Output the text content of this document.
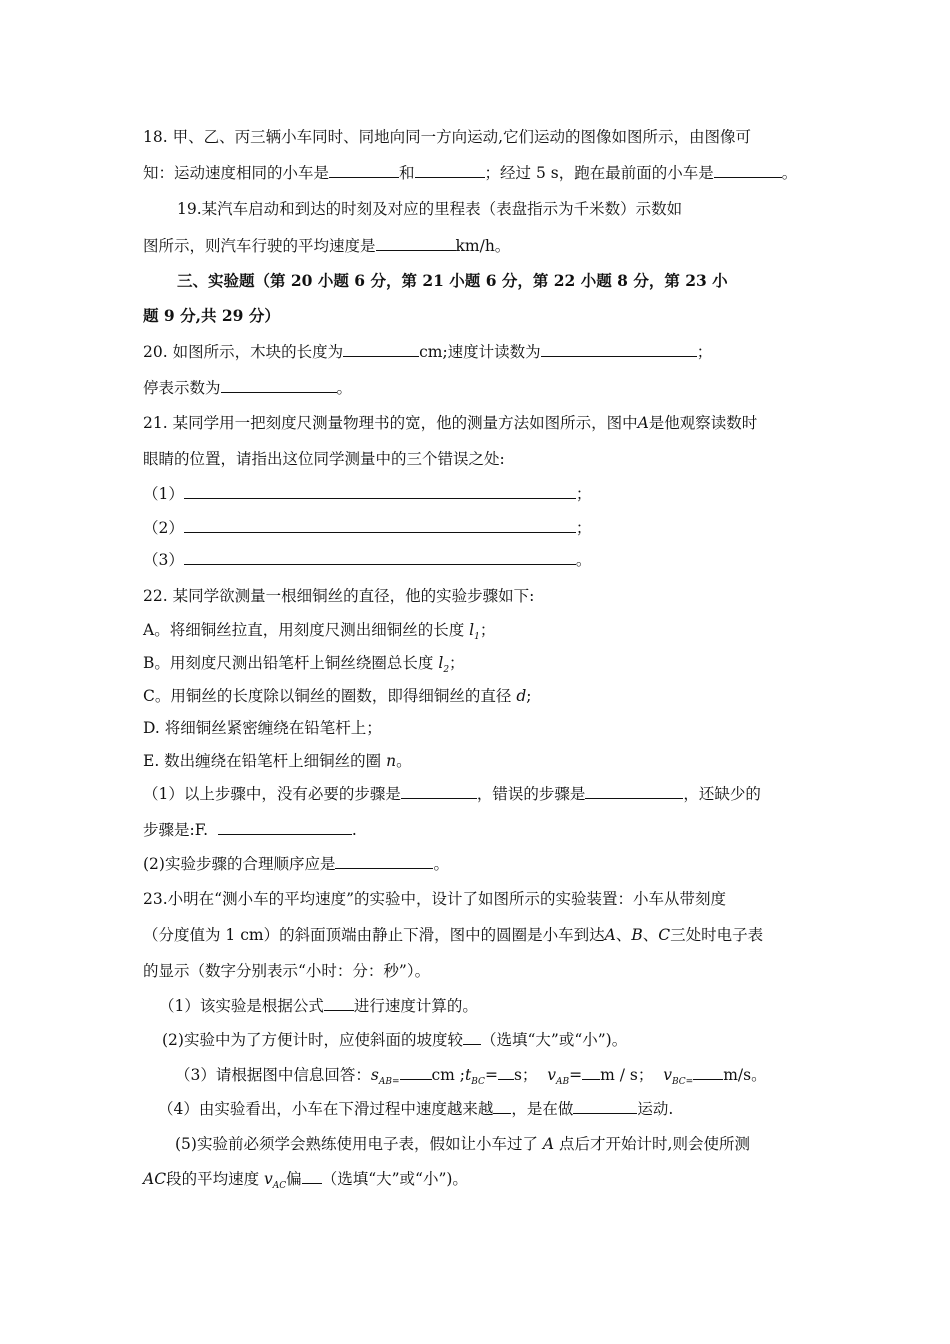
18. 甲、乙、丙三辆小车同时、同地向同一方向运动,它们运动的图像如图所示，由图像可
知：运动速度相同的小车是	和	；经过 5 s，跑在最前面的小车是	。
19.某汽车启动和到达的时刻及对应的里程表（表盘指示为千米数）示数如
图所示，则汽车行驶的平均速度是	km/h。
三、实验题（第 20 小题 6 分，第 21 小题 6 分，第 22 小题 8 分，第 23 小
题 9 分,共 29 分）
20. 如图所示，木块的长度为	cm;速度计读数为	；
停表示数为	。
21. 某同学用一把刻度尺测量物理书的宽，他的测量方法如图所示，图中A是他观察读数时
眼睛的位置，请指出这位同学测量中的三个错误之处:
（1）	；
（2）	；
（3）	。
22. 某同学欲测量一根细铜丝的直径，他的实验步骤如下:
A。将细铜丝拉直，用刻度尺测出细铜丝的长度 $l_1$；
B。用刻度尺测出铅笔杆上铜丝绕圈总长度 $l_2$；
C。用铜丝的长度除以铜丝的圈数，即得细铜丝的直径 d;
D. 将细铜丝紧密缠绕在铅笔杆上；
E. 数出缠绕在铅笔杆上细铜丝的圈 n。
（1）以上步骤中，没有必要的步骤是	，错误的步骤是	，还缺少的
步骤是:F.	.
(2)实验步骤的合理顺序应是	。
23.小明在“测小车的平均速度”的实验中，设计了如图所示的实验装置：小车从带刻度
（分度值为 1 cm）的斜面顶端由静止下滑，图中的圆圈是小车到达A、B、C三处时电子表
的显示（数字分别表示“小时：分：秒”）。
（1）该实验是根据公式 进行速度计算的。
(2)实验中为了方便计时，应使斜面的坡度较 （选填“大”或“小”)。
（3）请根据图中信息回答：$s_{AB=}$ cm $;t_{BC}= s$； $v_{AB}= m / s$； $v_{BC=}$ m/s。
（4）由实验看出，小车在下滑过程中速度越来越 ，是在做	运动.
(5)实验前必须学会熟练使用电子表，假如让小车过了 A 点后才开始计时,则会使所测
AC段的平均速度 $v_{AC}$偏 （选填“大”或“小”)。
